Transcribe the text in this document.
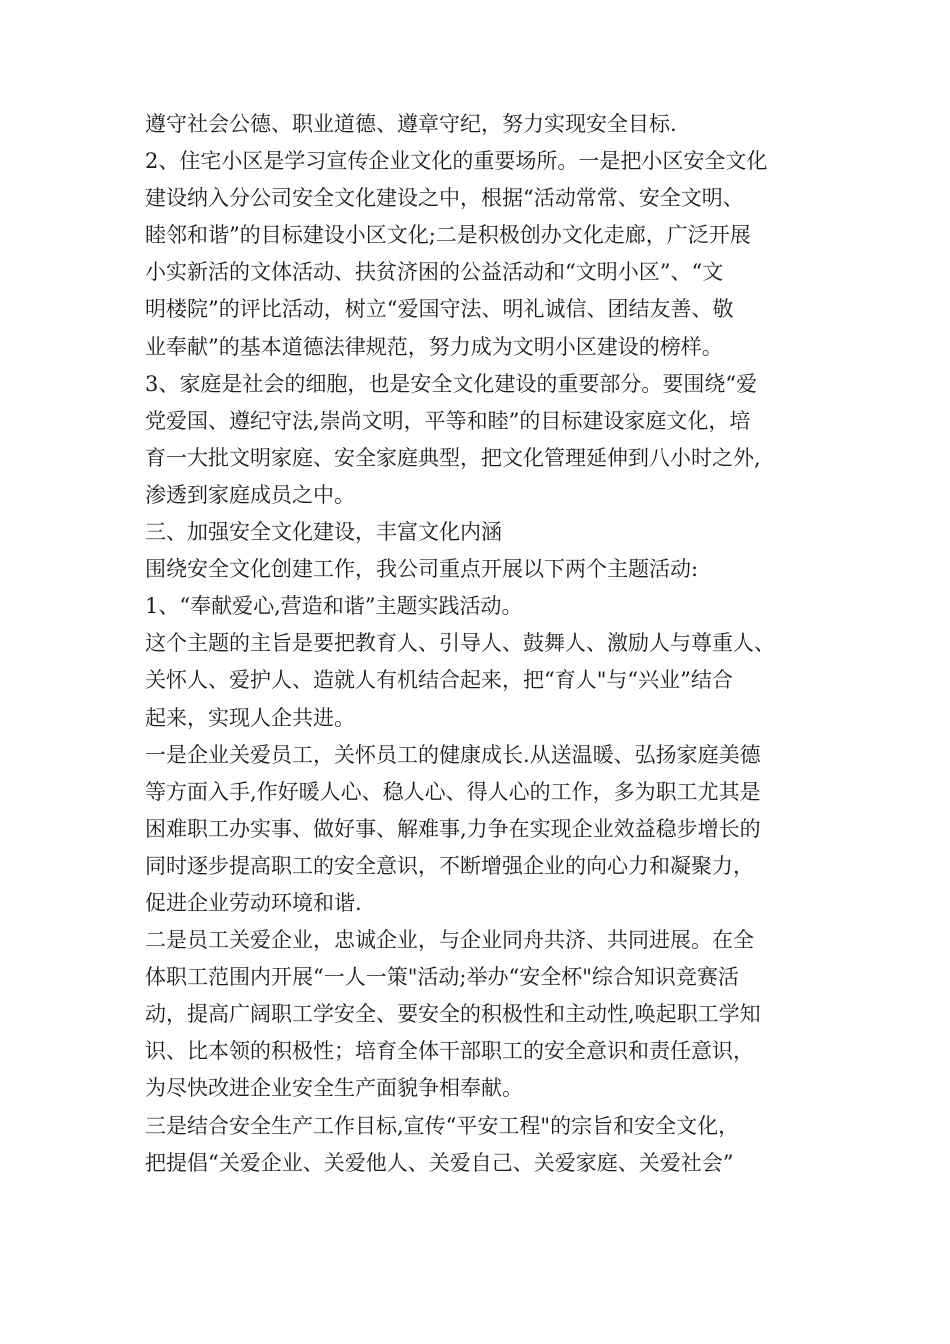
遵守社会公德、职业道德、遵章守纪，努力实现安全目标.
2、住宅小区是学习宣传企业文化的重要场所。一是把小区安全文化
建设纳入分公司安全文化建设之中，根据“活动常常、安全文明、
睦邻和谐”的目标建设小区文化;二是积极创办文化走廊，广泛开展
小实新活的文体活动、扶贫济困的公益活动和“文明小区”、“文
明楼院”的评比活动，树立“爱国守法、明礼诚信、团结友善、敬
业奉献”的基本道德法律规范，努力成为文明小区建设的榜样。
3、家庭是社会的细胞，也是安全文化建设的重要部分。要围绕“爱
党爱国、遵纪守法,崇尚文明，平等和睦”的目标建设家庭文化，培
育一大批文明家庭、安全家庭典型，把文化管理延伸到八小时之外,
渗透到家庭成员之中。
三、加强安全文化建设，丰富文化内涵
围绕安全文化创建工作，我公司重点开展以下两个主题活动:
1、“奉献爱心,营造和谐”主题实践活动。
这个主题的主旨是要把教育人、引导人、鼓舞人、激励人与尊重人、
关怀人、爱护人、造就人有机结合起来，把“育人"与“兴业”结合
起来，实现人企共进。
一是企业关爱员工，关怀员工的健康成长.从送温暖、弘扬家庭美德
等方面入手,作好暖人心、稳人心、得人心的工作，多为职工尤其是
困难职工办实事、做好事、解难事,力争在实现企业效益稳步增长的
同时逐步提高职工的安全意识，不断增强企业的向心力和凝聚力，
促进企业劳动环境和谐.
二是员工关爱企业，忠诚企业，与企业同舟共济、共同进展。在全
体职工范围内开展“一人一策"活动;举办“安全杯"综合知识竞赛活
动，提高广阔职工学安全、要安全的积极性和主动性,唤起职工学知
识、比本领的积极性；培育全体干部职工的安全意识和责任意识，
为尽快改进企业安全生产面貌争相奉献。
三是结合安全生产工作目标,宣传“平安工程"的宗旨和安全文化，
把提倡“关爱企业、关爱他人、关爱自己、关爱家庭、关爱社会”
